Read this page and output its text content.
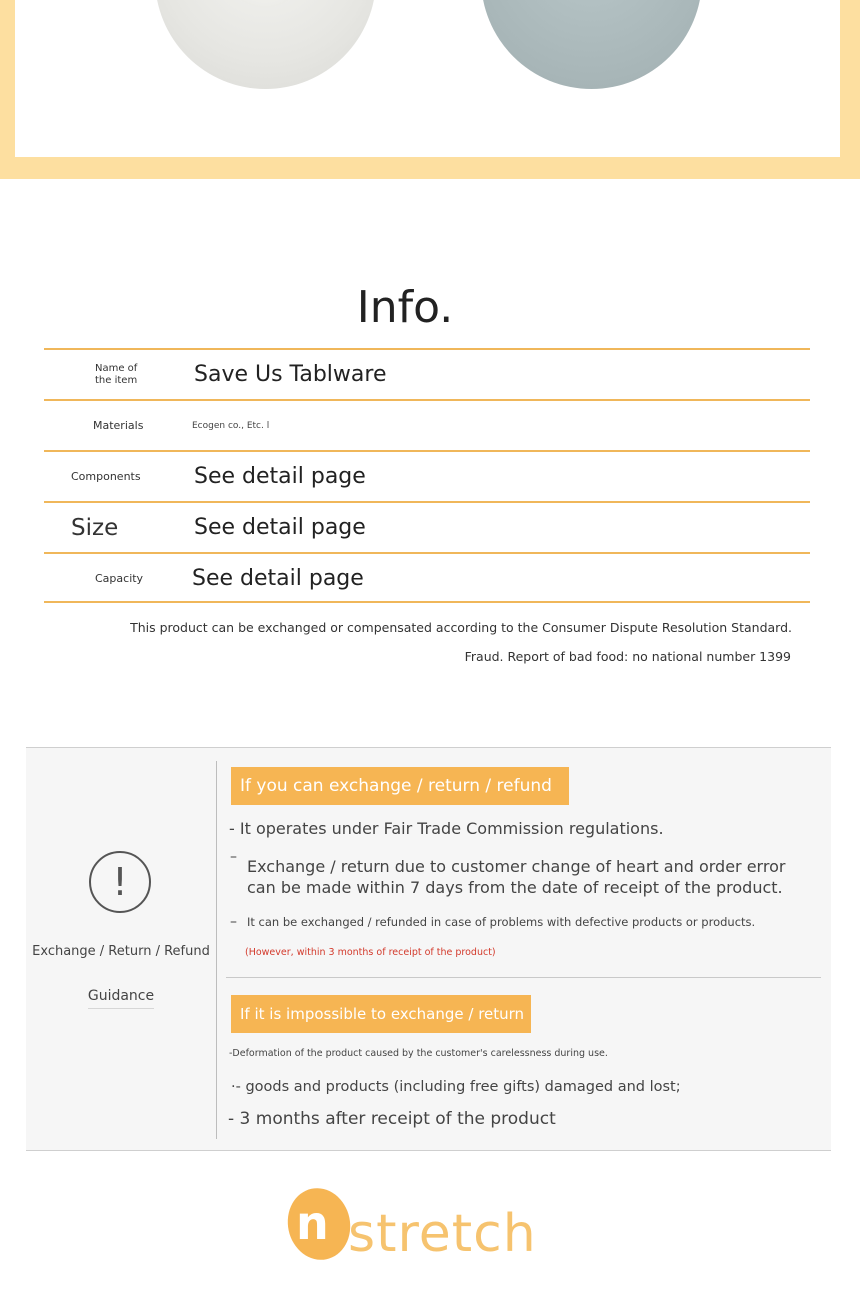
Info.
Name of
the item	Save Us Tablware
Materials	Ecogen co., Etc. l
Components See detail page
Size	See detail page
Capacity See detail page
This product can be exchanged or compensated according to the Consumer Dispute Resolution Standard.
Fraud. Report of bad food: no national number 1399
!
Exchange / Return / Refund
Guidance
If you can exchange / return / refund
- It operates under Fair Trade Commission regulations.
– Exchange / return due to customer change of heart and order error can be made within 7 days from the date of receipt of the product.
– It can be exchanged / refunded in case of problems with defective products or products.
(However, within 3 months of receipt of the product)
If it is impossible to exchange / return
-Deformation of the product caused by the customer's carelessness during use.
·- goods and products (including free gifts) damaged and lost;
- 3 months after receipt of the product
n stretch
